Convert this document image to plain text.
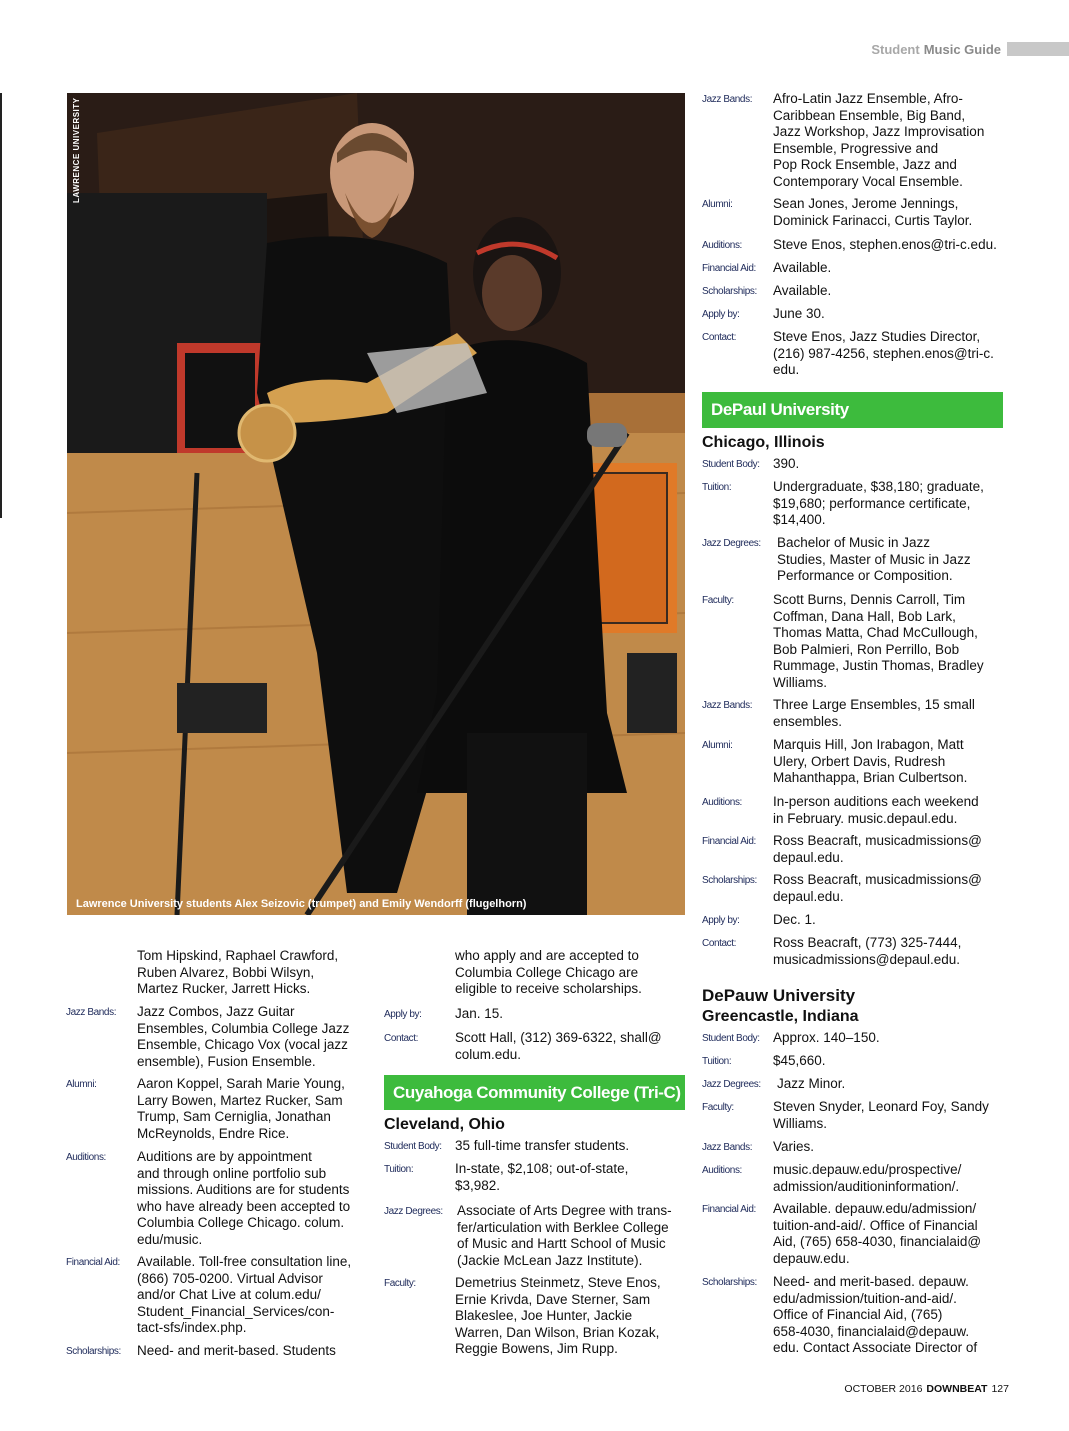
Student Music Guide
LAWRENCE UNIVERSITY
Lawrence University students Alex Seizovic (trumpet) and Emily Wendorff (flugelhorn)
Tom Hipskind, Raphael Crawford,
Ruben Alvarez, Bobbi Wilsyn,
Martez Rucker, Jarrett Hicks.
Jazz Bands:	Jazz Combos, Jazz Guitar
Ensembles, Columbia College Jazz
Ensemble, Chicago Vox (vocal jazz
ensemble), Fusion Ensemble.
Alumni:	Aaron Koppel, Sarah Marie Young,
Larry Bowen, Martez Rucker, Sam
Trump, Sam Cerniglia, Jonathan
McReynolds, Endre Rice.
Auditions:	Auditions are by appointment
and through online portfolio sub
missions. Auditions are for students
who have already been accepted to
Columbia College Chicago. colum.
edu/music.
Financial Aid:	Available. Toll-free consultation line,
(866) 705-0200. Virtual Advisor
and/or Chat Live at colum.edu/
Student_Financial_Services/con-
tact-sfs/index.php.
Scholarships:	Need- and merit-based. Students
who apply and are accepted to
Columbia College Chicago are
eligible to receive scholarships.
Apply by:	Jan. 15.
Contact:	Scott Hall, (312) 369-6322, shall@
colum.edu.
Cuyahoga Community College (Tri-C)
Cleveland, Ohio
Student Body: 35 full-time transfer students.
Tuition:	In-state, $2,108; out-of-state,
$3,982.
Jazz Degrees:	Associate of Arts Degree with trans-
fer/articulation with Berklee College
of Music and Hartt School of Music
(Jackie McLean Jazz Institute).
Faculty:	Demetrius Steinmetz, Steve Enos,
Ernie Krivda, Dave Sterner, Sam
Blakeslee, Joe Hunter, Jackie
Warren, Dan Wilson, Brian Kozak,
Reggie Bowens, Jim Rupp.
Jazz Bands:	Afro-Latin Jazz Ensemble, Afro-
Caribbean Ensemble, Big Band,
Jazz Workshop, Jazz Improvisation
Ensemble, Progressive and
Pop Rock Ensemble, Jazz and
Contemporary Vocal Ensemble.
Alumni:	Sean Jones, Jerome Jennings,
Dominick Farinacci, Curtis Taylor.
Auditions:	Steve Enos, stephen.enos@tri-c.edu.
Financial Aid:	Available.
Scholarships:	Available.
Apply by:	June 30.
Contact:	Steve Enos, Jazz Studies Director,
(216) 987-4256, stephen.enos@tri-c.
edu.
DePaul University
Chicago, Illinois
Student Body: 390.
Tuition:	Undergraduate, $38,180; graduate,
$19,680; performance certificate,
$14,400.
Jazz Degrees:	Bachelor of Music in Jazz
Studies, Master of Music in Jazz
Performance or Composition.
Faculty:	Scott Burns, Dennis Carroll, Tim
Coffman, Dana Hall, Bob Lark,
Thomas Matta, Chad McCullough,
Bob Palmieri, Ron Perrillo, Bob
Rummage, Justin Thomas, Bradley
Williams.
Jazz Bands:	Three Large Ensembles, 15 small
ensembles.
Alumni:	Marquis Hill, Jon Irabagon, Matt
Ulery, Orbert Davis, Rudresh
Mahanthappa, Brian Culbertson.
Auditions:	In-person auditions each weekend
in February. music.depaul.edu.
Financial Aid:	Ross Beacraft, musicadmissions@
depaul.edu.
Scholarships:	Ross Beacraft, musicadmissions@
depaul.edu.
Apply by:	Dec. 1.
Contact:	Ross Beacraft, (773) 325-7444,
musicadmissions@depaul.edu.
DePauw University
Greencastle, Indiana
Student Body: Approx. 140–150.
Tuition:	$45,660.
Jazz Degrees:	Jazz Minor.
Faculty:	Steven Snyder, Leonard Foy, Sandy
Williams.
Jazz Bands:	Varies.
Auditions:	music.depauw.edu/prospective/
admission/auditioninformation/.
Financial Aid:	Available. depauw.edu/admission/
tuition-and-aid/. Office of Financial
Aid, (765) 658-4030, financialaid@
depauw.edu.
Scholarships:	Need- and merit-based. depauw.
edu/admission/tuition-and-aid/.
Office of Financial Aid, (765)
658-4030, financialaid@depauw.
edu. Contact Associate Director of
OCTOBER 2016 DOWNBEAT 127
